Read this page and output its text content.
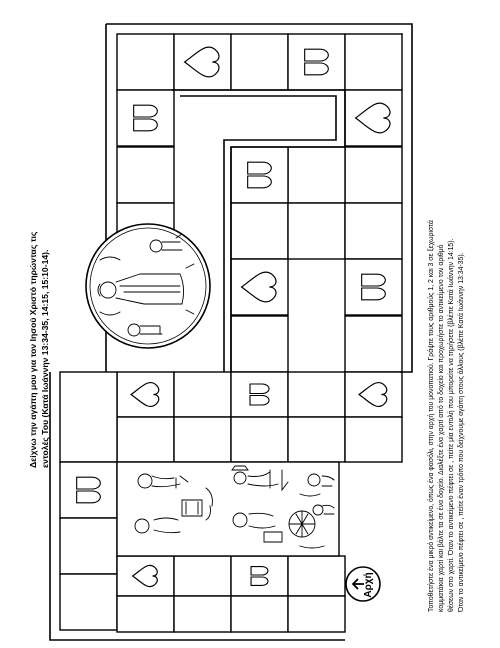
Αρχή
Δείχνω την αγάπη μου για τον Ιησού Χριστό τηρώντας τις εντολές Του (Κατά Ιωάννην 13:34-35, 14:15, 15:10-14).	Τοποθετήστε ένα μικρό αντικείμενο, όπως ένα φασόλι, στην αρχή του μονοπατιού. Γράψτε τους αριθμούς 1, 2 και 3 σε ξεχωριστά κομματάκια χαρτί και βάλτε τα σε ένα δοχείο. Διαλέξτε ένα χαρτί από το δοχείο και προχωρήστε το αντικείμενο τον αριθμό θέσεων στο χαρτί. Όταν το αντικείμενο πέφτει σε , πείτε μία εντολή που μπορείτε να τηρήσετε (βλέπε Κατά Ιωάννην 14:15). Όταν το αντικείμενο πέφτει σε , πείτε έναν τρόπο που δείχνουμε αγάπη στους άλλους (βλέπε Κατά Ιωάννην 13:34-35).
